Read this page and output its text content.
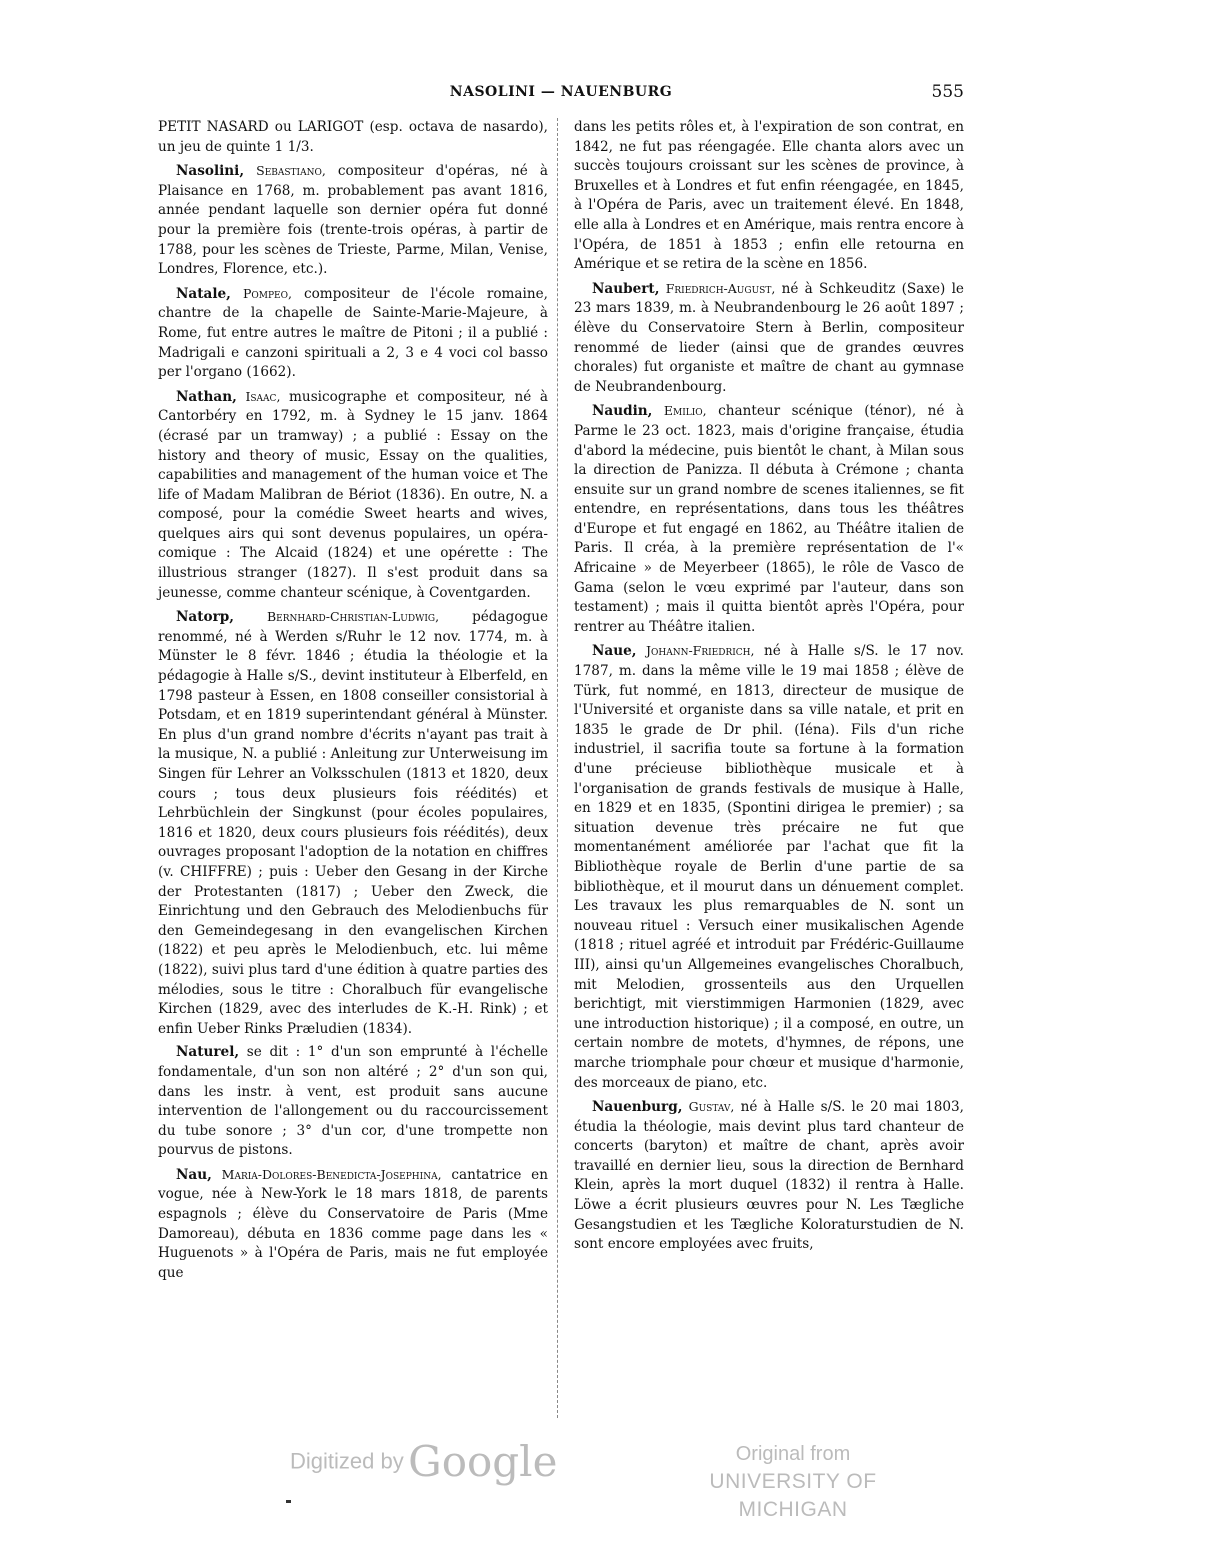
NASOLINI — NAUENBURG	555

PETIT NASARD ou LARIGOT (esp. octava de nasardo), un jeu de quinte 1 1/3.

Nasolini, Sebastiano, compositeur d'opéras, né à Plaisance en 1768, m. probablement pas avant 1816, année pendant laquelle son dernier opéra fut donné pour la première fois (trente-trois opéras, à partir de 1788, pour les scènes de Trieste, Parme, Milan, Venise, Londres, Florence, etc.).

Natale, Pompeo, compositeur de l'école romaine, chantre de la chapelle de Sainte-Marie-Majeure, à Rome, fut entre autres le maître de Pitoni ; il a publié : Madrigali e canzoni spirituali a 2, 3 e 4 voci col basso per l'organo (1662).

Nathan, Isaac, musicographe et compositeur, né à Cantorbéry en 1792, m. à Sydney le 15 janv. 1864 (écrasé par un tramway) ; a publié : Essay on the history and theory of music, Essay on the qualities, capabilities and management of the human voice et The life of Madam Malibran de Bériot (1836). En outre, N. a composé, pour la comédie Sweet hearts and wives, quelques airs qui sont devenus populaires, un opéra-comique : The Alcaid (1824) et une opérette : The illustrious stranger (1827). Il s'est produit dans sa jeunesse, comme chanteur scénique, à Coventgarden.

Natorp,	Bernhard-Christian-Ludwig, pédagogue renommé, né à Werden s/Ruhr le 12 nov. 1774, m. à Münster le 8 févr. 1846 ; étudia la théologie et la pédagogie à Halle s/S., devint instituteur à Elberfeld, en 1798 pasteur à Essen, en 1808 conseiller consistorial à Potsdam, et en 1819 superintendant général à Münster. En plus d'un grand nombre d'écrits n'ayant pas trait à la musique, N. a publié : Anleitung zur Unterweisung im Singen für Lehrer an Volksschulen (1813 et 1820, deux cours ; tous deux plusieurs fois réédités) et Lehrbüchlein der Singkunst (pour écoles populaires, 1816 et 1820, deux cours plusieurs fois réédités), deux ouvrages proposant l'adoption de la notation en chiffres (v. CHIFFRE) ; puis : Ueber den Gesang in der Kirche der Protestanten (1817) ; Ueber den Zweck, die Einrichtung und den Gebrauch des Melodienbuchs für den Gemeindegesang in den evangelischen Kirchen (1822) et peu après le Melodienbuch, etc. lui même (1822), suivi plus tard d'une édition à quatre parties des mélodies, sous le titre : Choralbuch für evangelische Kirchen (1829, avec des interludes de K.-H. Rink) ; et enfin Ueber Rinks Præludien (1834).

Naturel, se dit : 1° d'un son emprunté à l'échelle fondamentale, d'un son non altéré ; 2° d'un son qui, dans les instr. à vent, est produit sans aucune intervention de l'allongement ou du raccourcissement du tube sonore ; 3° d'un cor, d'une trompette non pourvus de pistons.

Nau, Maria-Dolores-Benedicta-Josephina, cantatrice en vogue, née à New-York le 18 mars 1818, de parents espagnols ; élève du Conservatoire de Paris (Mme Damoreau), débuta en 1836 comme page dans les « Huguenots » à l'Opéra de Paris, mais ne fut employée que

dans les petits rôles et, à l'expiration de son contrat, en 1842, ne fut pas réengagée. Elle chanta alors avec un succès toujours croissant sur les scènes de province, à Bruxelles et à Londres et fut enfin réengagée, en 1845, à l'Opéra de Paris, avec un traitement élevé. En 1848, elle alla à Londres et en Amérique, mais rentra encore à l'Opéra, de 1851 à 1853 ; enfin elle retourna en Amérique et se retira de la scène en 1856.

Naubert, Friedrich-August, né à Schkeuditz (Saxe) le 23 mars 1839, m. à Neubrandenbourg le 26 août 1897 ; élève du Conservatoire Stern à Berlin, compositeur renommé de lieder (ainsi que de grandes œuvres chorales) fut organiste et maître de chant au gymnase de Neubrandenbourg.

Naudin, Emilio, chanteur scénique (ténor), né à Parme le 23 oct. 1823, mais d'origine française, étudia d'abord la médecine, puis bientôt le chant, à Milan sous la direction de Panizza. Il débuta à Crémone ; chanta ensuite sur un grand nombre de scenes italiennes, se fit entendre, en représentations, dans tous les théâtres d'Europe et fut engagé en 1862, au Théâtre italien de Paris. Il créa, à la première représentation de l'« Africaine » de Meyerbeer (1865), le rôle de Vasco de Gama (selon le vœu exprimé par l'auteur, dans son testament) ; mais il quitta bientôt après l'Opéra, pour rentrer au Théâtre italien.

Naue, Johann-Friedrich, né à Halle s/S. le 17 nov. 1787, m. dans la même ville le 19 mai 1858 ; élève de Türk, fut nommé, en 1813, directeur de musique de l'Université et organiste dans sa ville natale, et prit en 1835 le grade de Dr phil. (Iéna). Fils d'un riche industriel, il sacrifia toute sa fortune à la formation d'une précieuse bibliothèque musicale et à l'organisation de grands festivals de musique à Halle, en 1829 et en 1835, (Spontini dirigea le premier) ; sa situation devenue très précaire ne fut que momentanément améliorée par l'achat que fit la Bibliothèque royale de Berlin d'une partie de sa bibliothèque, et il mourut dans un dénuement complet. Les travaux les plus remarquables de N. sont un nouveau rituel : Versuch einer musikalischen Agende (1818 ; rituel agréé et introduit par Frédéric-Guillaume III), ainsi qu'un Allgemeines evangelisches Choralbuch, mit Melodien, grossenteils aus den Urquellen berichtigt, mit vierstimmigen Harmonien (1829, avec une introduction historique) ; il a composé, en outre, un certain nombre de motets, d'hymnes, de répons, une marche triomphale pour chœur et musique d'harmonie, des morceaux de piano, etc.

Nauenburg, Gustav, né à Halle s/S. le 20 mai 1803, étudia la théologie, mais devint plus tard chanteur de concerts (baryton) et maître de chant, après avoir travaillé en dernier lieu, sous la direction de Bernhard Klein, après la mort duquel (1832) il rentra à Halle. Löwe a écrit plusieurs œuvres pour N. Les Tægliche Gesangstudien et les Tægliche Koloraturstudien de N. sont encore employées avec fruits,

Digitized by Google	Original from
UNIVERSITY OF MICHIGAN
